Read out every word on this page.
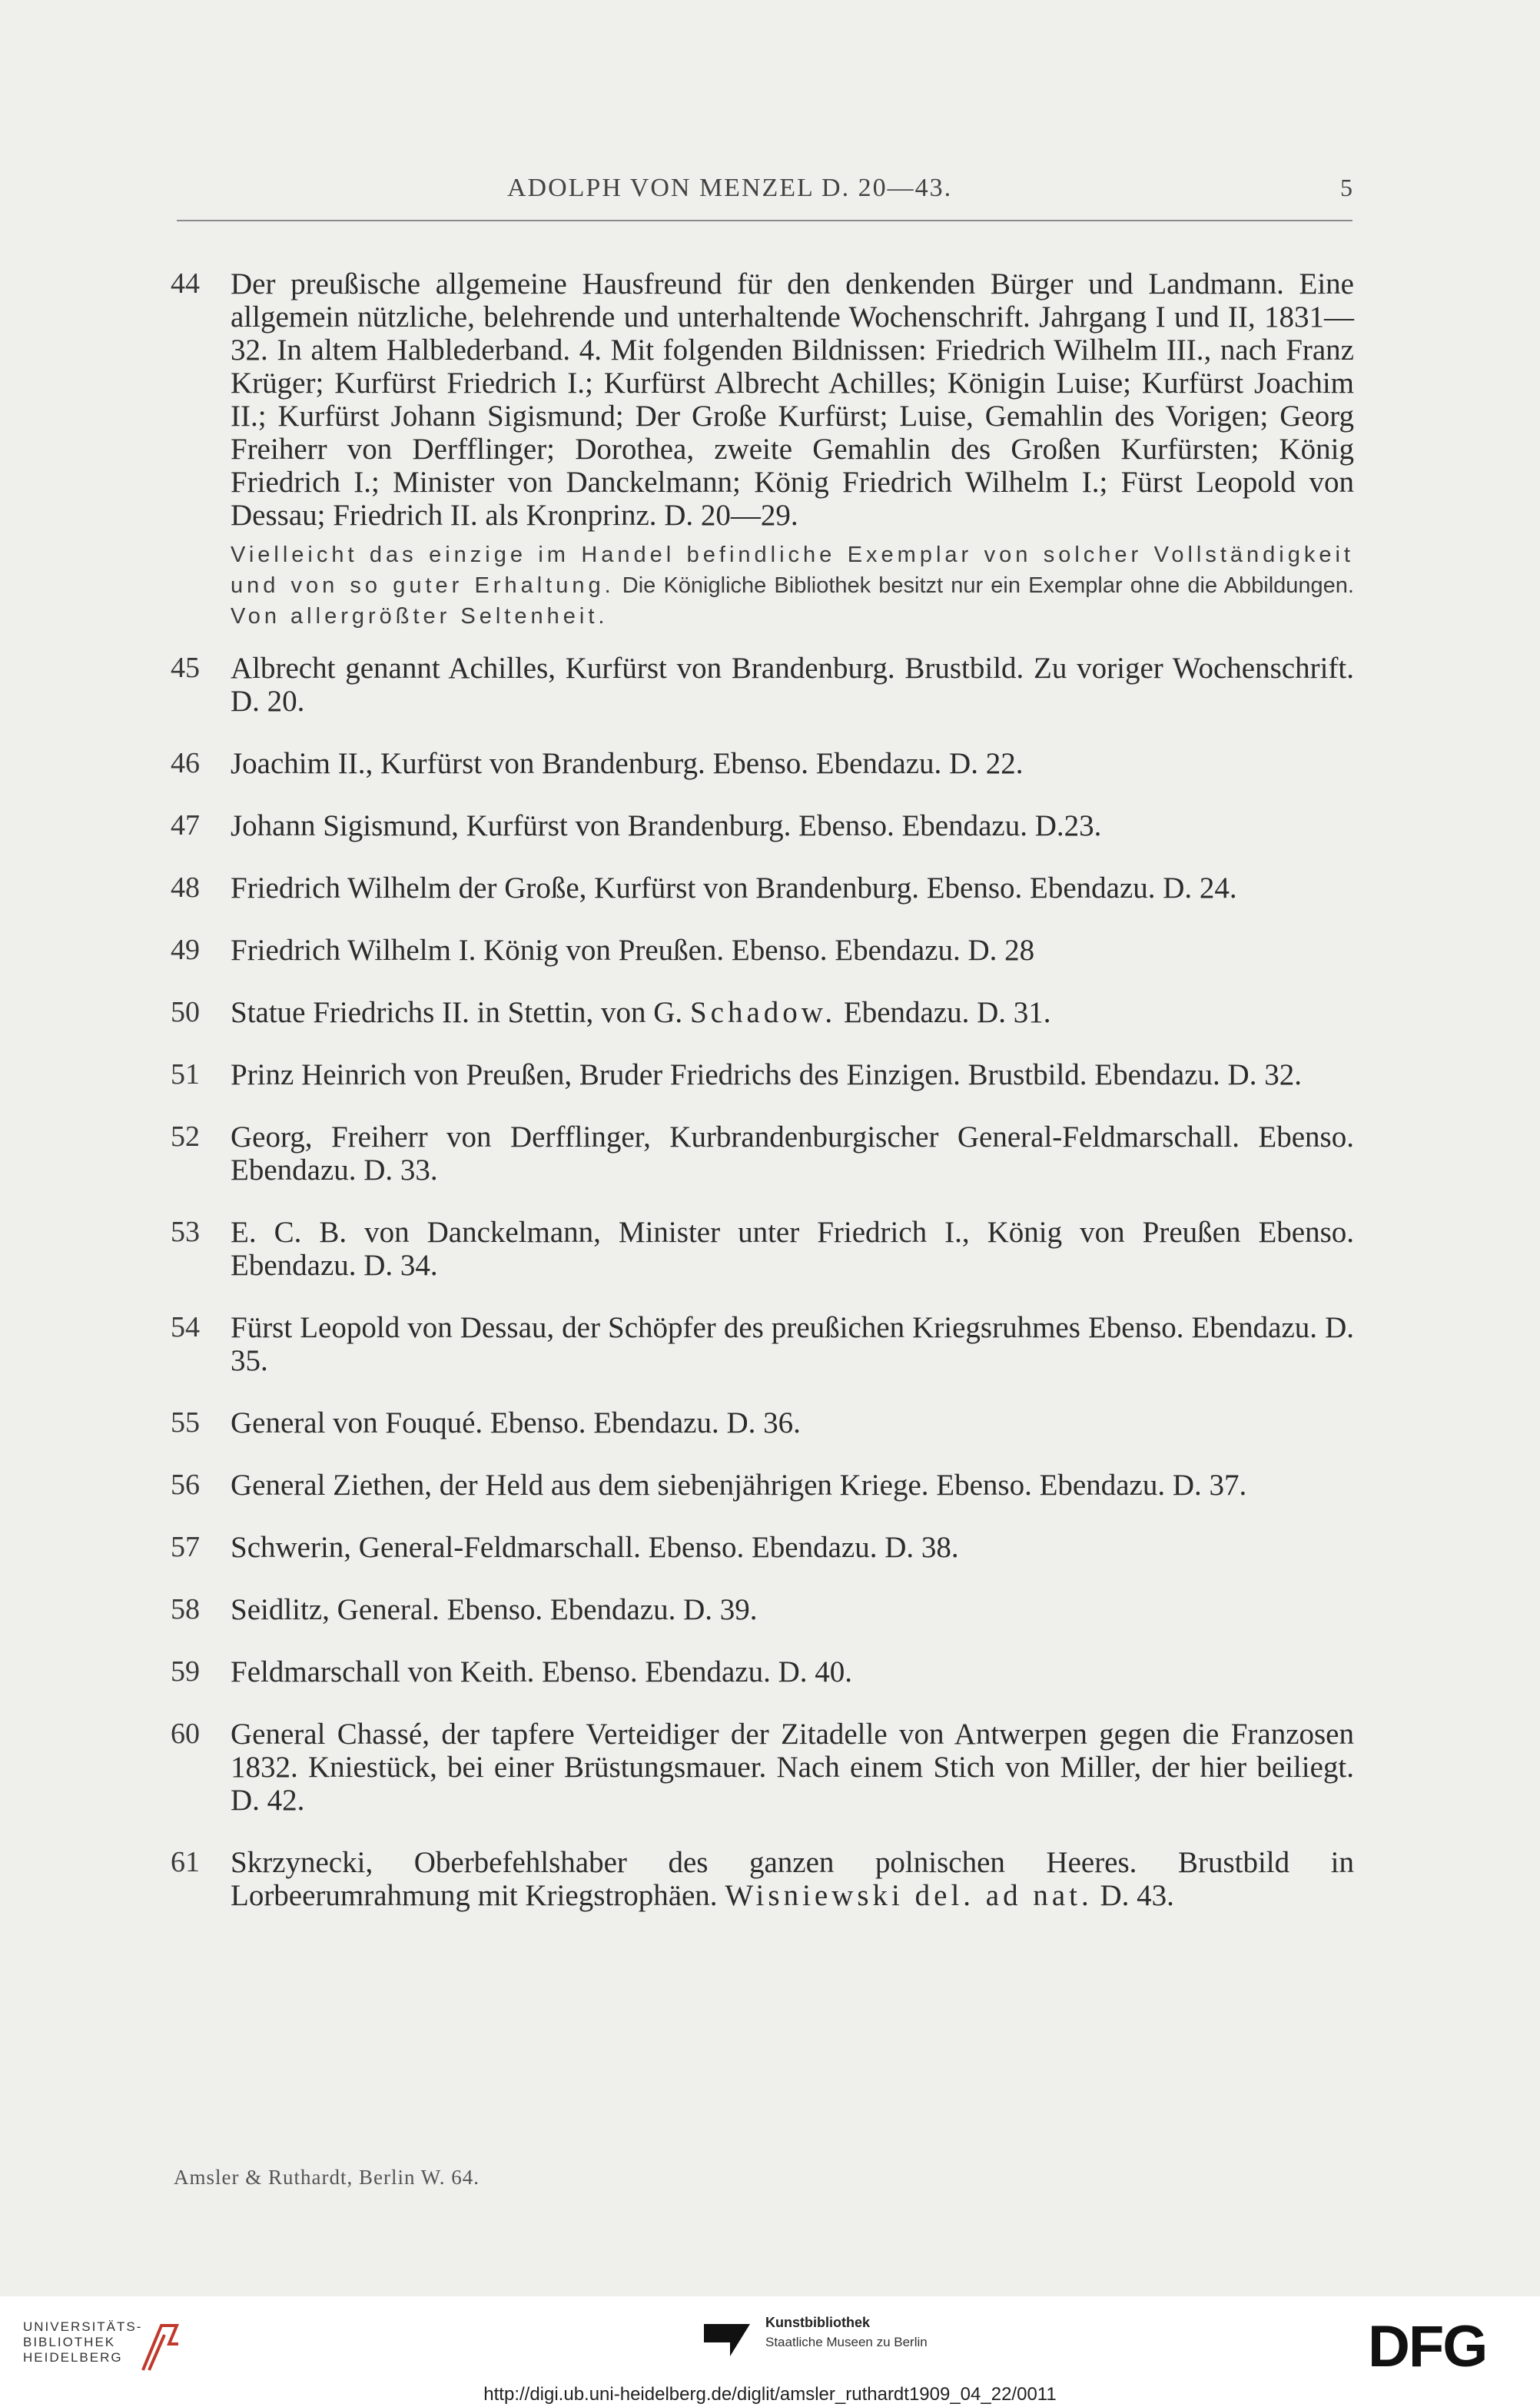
ADOLPH VON MENZEL D. 20—43.	5
44	Der preußische allgemeine Hausfreund für den denkenden Bürger und Landmann. Eine allgemein nützliche, belehrende und unterhaltende Wochenschrift. Jahrgang I und II, 1831—32. In altem Halblederband. 4. Mit folgenden Bildnissen: Friedrich Wilhelm III., nach Franz Krüger; Kurfürst Friedrich I.; Kurfürst Albrecht Achilles; Königin Luise; Kurfürst Joachim II.; Kurfürst Johann Sigismund; Der Große Kurfürst; Luise, Gemahlin des Vorigen; Georg Freiherr von Derfflinger; Dorothea, zweite Gemahlin des Großen Kurfürsten; König Friedrich I.; Minister von Danckelmann; König Friedrich Wilhelm I.; Fürst Leopold von Dessau; Friedrich II. als Kronprinz. D. 20—29.
Vielleicht das einzige im Handel befindliche Exemplar von solcher Vollständigkeit und von so guter Erhaltung. Die Königliche Bibliothek besitzt nur ein Exemplar ohne die Abbildungen. Von allergrößter Seltenheit.
45	Albrecht genannt Achilles, Kurfürst von Brandenburg. Brustbild. Zu voriger Wochenschrift. D. 20.
46	Joachim II., Kurfürst von Brandenburg. Ebenso. Ebendazu. D. 22.
47	Johann Sigismund, Kurfürst von Brandenburg. Ebenso. Ebendazu. D.23.
48	Friedrich Wilhelm der Große, Kurfürst von Brandenburg. Ebenso. Ebendazu. D. 24.
49	Friedrich Wilhelm I. König von Preußen. Ebenso. Ebendazu. D. 28
50	Statue Friedrichs II. in Stettin, von G. Schadow. Ebendazu. D. 31.
51	Prinz Heinrich von Preußen, Bruder Friedrichs des Einzigen. Brustbild. Ebendazu. D. 32.
52	Georg, Freiherr von Derfflinger, Kurbrandenburgischer General-Feldmarschall. Ebenso. Ebendazu. D. 33.
53	E. C. B. von Danckelmann, Minister unter Friedrich I., König von Preußen Ebenso. Ebendazu. D. 34.
54	Fürst Leopold von Dessau, der Schöpfer des preußichen Kriegsruhmes Ebenso. Ebendazu. D. 35.
55	General von Fouqué. Ebenso. Ebendazu. D. 36.
56	General Ziethen, der Held aus dem siebenjährigen Kriege. Ebenso. Ebendazu. D. 37.
57	Schwerin, General-Feldmarschall. Ebenso. Ebendazu. D. 38.
58	Seidlitz, General. Ebenso. Ebendazu. D. 39.
59	Feldmarschall von Keith. Ebenso. Ebendazu. D. 40.
60	General Chassé, der tapfere Verteidiger der Zitadelle von Antwerpen gegen die Franzosen 1832. Kniestück, bei einer Brüstungsmauer. Nach einem Stich von Miller, der hier beiliegt. D. 42.
61	Skrzynecki, Oberbefehlshaber des ganzen polnischen Heeres. Brustbild in Lorbeerumrahmung mit Kriegstrophäen. Wisniewski del. ad nat. D. 43.
Amsler & Ruthardt, Berlin W. 64.
UNIVERSITÄTS-
BIBLIOTHEK
HEIDELBERG
Kunstbibliothek
Staatliche Museen zu Berlin	DFG
http://digi.ub.uni-heidelberg.de/diglit/amsler_ruthardt1909_04_22/0011
